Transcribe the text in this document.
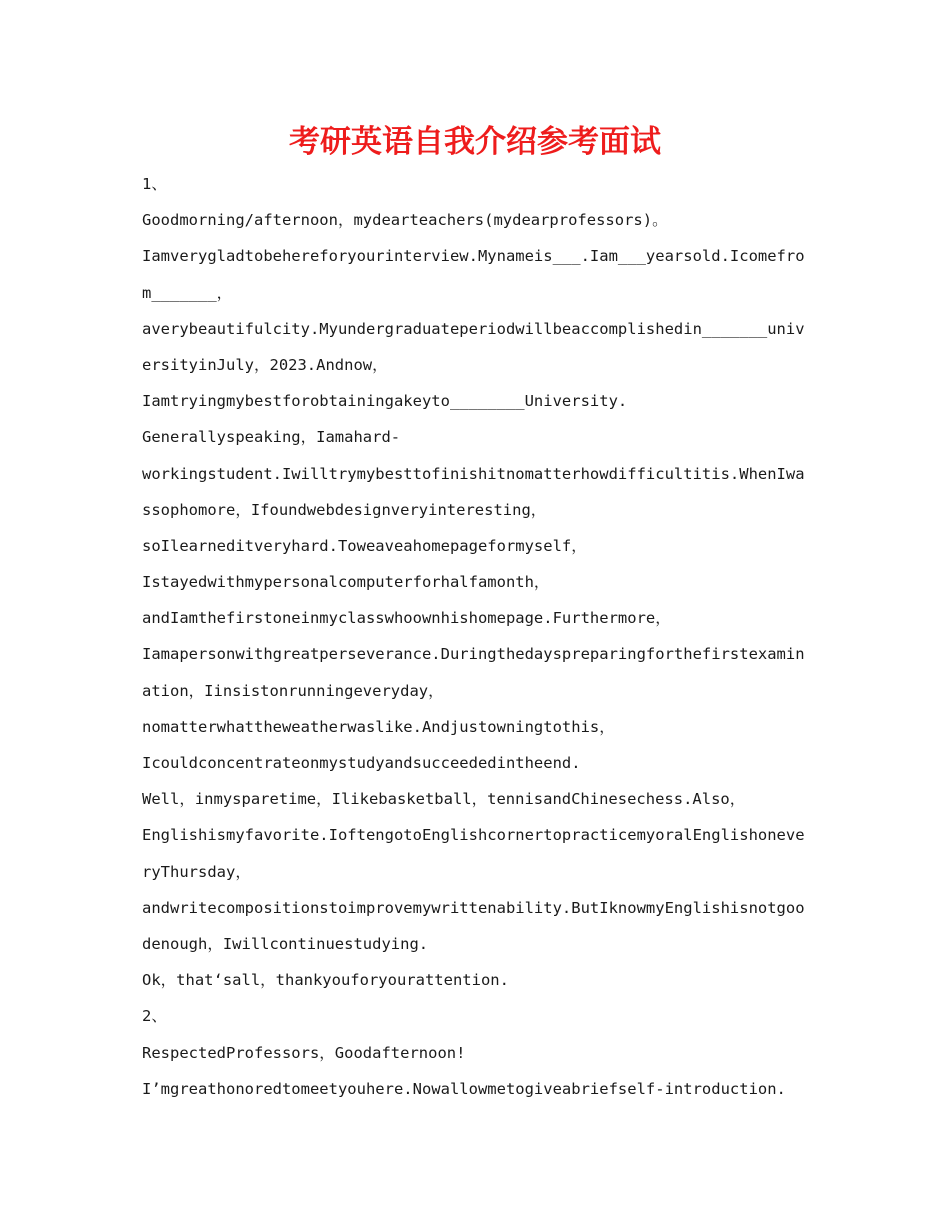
考研英语自我介绍参考面试
1、
Goodmorning/afternoon，mydearteachers(mydearprofessors)。
Iamverygladtobehereforyourinterview.Mynameis___.Iam___yearsold.Icomefro
m_______，
averybeautifulcity.Myundergraduateperiodwillbeaccomplishedin_______univ
ersityinJuly，2023.Andnow，
Iamtryingmybestforobtainingakeyto________University.
Generallyspeaking，Iamahard-
workingstudent.Iwilltrymybesttofinishitnomatterhowdifficultitis.WhenIwa
ssophomore，Ifoundwebdesignveryinteresting，
soIlearneditveryhard.Toweaveahomepageformyself，
Istayedwithmypersonalcomputerforhalfamonth，
andIamthefirstoneinmyclasswhoownhishomepage.Furthermore，
Iamapersonwithgreatperseverance.Duringthedayspreparingforthefirstexamin
ation，Iinsistonrunningeveryday，
nomatterwhattheweatherwaslike.Andjustowningtothis，
Icouldconcentrateonmystudyandsucceededintheend.
Well，inmysparetime，Ilikebasketball，tennisandChinesechess.Also，
Englishismyfavorite.IoftengotoEnglishcornertopracticemyoralEnglishoneve
ryThursday，
andwritecompositionstoimprovemywrittenability.ButIknowmyEnglishisnotgoo
denough，Iwillcontinuestudying.
Ok，that‘sall，thankyouforyourattention.
2、
RespectedProfessors，Goodafternoon!
I’mgreathonoredtomeetyouhere.Nowallowmetogiveabriefself-introduction.
